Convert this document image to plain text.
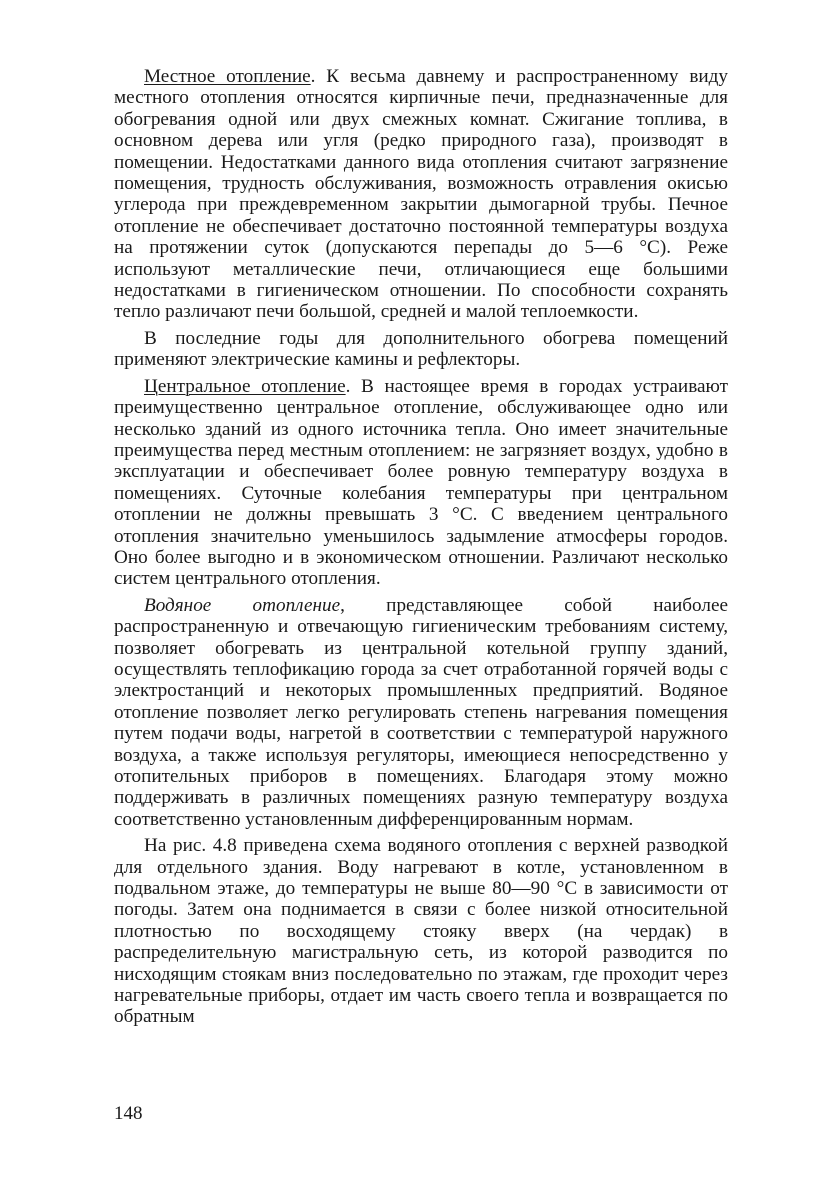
Местное отопление. К весьма давнему и распространенному виду местного отопления относятся кирпичные печи, предназначенные для обогревания одной или двух смежных комнат. Сжигание топлива, в основном дерева или угля (редко природного газа), производят в помещении. Недостатками данного вида отопления считают загрязнение помещения, трудность обслуживания, возможность отравления окисью углерода при преждевременном закрытии дымогарной трубы. Печное отопление не обеспечивает достаточно постоянной температуры воздуха на протяжении суток (допускаются перепады до 5—6 °С). Реже используют металлические печи, отличающиеся еще большими недостатками в гигиеническом отношении. По способности сохранять тепло различают печи большой, средней и малой теплоемкости.

В последние годы для дополнительного обогрева помещений применяют электрические камины и рефлекторы.

Центральное отопление. В настоящее время в городах устраивают преимущественно центральное отопление, обслуживающее одно или несколько зданий из одного источника тепла. Оно имеет значительные преимущества перед местным отоплением: не загрязняет воздух, удобно в эксплуатации и обеспечивает более ровную температуру воздуха в помещениях. Суточные колебания температуры при центральном отоплении не должны превышать 3 °С. С введением центрального отопления значительно уменьшилось задымление атмосферы городов. Оно более выгодно и в экономическом отношении. Различают несколько систем центрального отопления.

Водяное отопление, представляющее собой наиболее распространенную и отвечающую гигиеническим требованиям систему, позволяет обогревать из центральной котельной группу зданий, осуществлять теплофикацию города за счет отработанной горячей воды с электростанций и некоторых промышленных предприятий. Водяное отопление позволяет легко регулировать степень нагревания помещения путем подачи воды, нагретой в соответствии с температурой наружного воздуха, а также используя регуляторы, имеющиеся непосредственно у отопительных приборов в помещениях. Благодаря этому можно поддерживать в различных помещениях разную температуру воздуха соответственно установленным дифференцированным нормам.

На рис. 4.8 приведена схема водяного отопления с верхней разводкой для отдельного здания. Воду нагревают в котле, установленном в подвальном этаже, до температуры не выше 80—90 °С в зависимости от погоды. Затем она поднимается в связи с более низкой относительной плотностью по восходящему стояку вверх (на чердак) в распределительную магистральную сеть, из которой разводится по нисходящим стоякам вниз последовательно по этажам, где проходит через нагревательные приборы, отдает им часть своего тепла и возвращается по обратным

148
